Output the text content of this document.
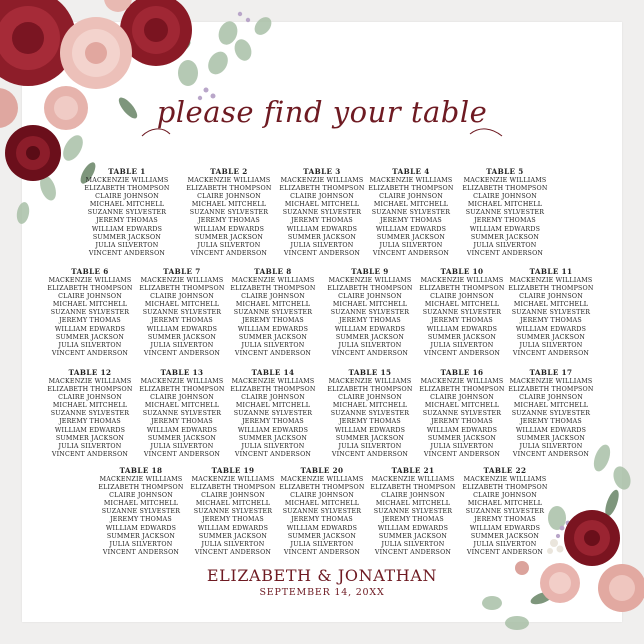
please find your table
TABLE 1
MACKENZIE WILLIAMS
ELIZABETH THOMPSON
CLAIRE JOHNSON
MICHAEL MITCHELL
SUZANNE SYLVESTER
JEREMY THOMAS
WILLIAM EDWARDS
SUMMER JACKSON
JULIA SILVERTON
VINCENT ANDERSON
TABLE 2
MACKENZIE WILLIAMS
ELIZABETH THOMPSON
CLAIRE JOHNSON
MICHAEL MITCHELL
SUZANNE SYLVESTER
JEREMY THOMAS
WILLIAM EDWARDS
SUMMER JACKSON
JULIA SILVERTON
VINCENT ANDERSON
TABLE 3
MACKENZIE WILLIAMS
ELIZABETH THOMPSON
CLAIRE JOHNSON
MICHAEL MITCHELL
SUZANNE SYLVESTER
JEREMY THOMAS
WILLIAM EDWARDS
SUMMER JACKSON
JULIA SILVERTON
VINCENT ANDERSON
TABLE 4
MACKENZIE WILLIAMS
ELIZABETH THOMPSON
CLAIRE JOHNSON
MICHAEL MITCHELL
SUZANNE SYLVESTER
JEREMY THOMAS
WILLIAM EDWARDS
SUMMER JACKSON
JULIA SILVERTON
VINCENT ANDERSON
TABLE 5
MACKENZIE WILLIAMS
ELIZABETH THOMPSON
CLAIRE JOHNSON
MICHAEL MITCHELL
SUZANNE SYLVESTER
JEREMY THOMAS
WILLIAM EDWARDS
SUMMER JACKSON
JULIA SILVERTON
VINCENT ANDERSON
TABLE 6
MACKENZIE WILLIAMS
ELIZABETH THOMPSON
CLAIRE JOHNSON
MICHAEL MITCHELL
SUZANNE SYLVESTER
JEREMY THOMAS
WILLIAM EDWARDS
SUMMER JACKSON
JULIA SILVERTON
VINCENT ANDERSON
TABLE 7
MACKENZIE WILLIAMS
ELIZABETH THOMPSON
CLAIRE JOHNSON
MICHAEL MITCHELL
SUZANNE SYLVESTER
JEREMY THOMAS
WILLIAM EDWARDS
SUMMER JACKSON
JULIA SILVERTON
VINCENT ANDERSON
TABLE 8
MACKENZIE WILLIAMS
ELIZABETH THOMPSON
CLAIRE JOHNSON
MICHAEL MITCHELL
SUZANNE SYLVESTER
JEREMY THOMAS
WILLIAM EDWARDS
SUMMER JACKSON
JULIA SILVERTON
VINCENT ANDERSON
TABLE 9
MACKENZIE WILLIAMS
ELIZABETH THOMPSON
CLAIRE JOHNSON
MICHAEL MITCHELL
SUZANNE SYLVESTER
JEREMY THOMAS
WILLIAM EDWARDS
SUMMER JACKSON
JULIA SILVERTON
VINCENT ANDERSON
TABLE 10
MACKENZIE WILLIAMS
ELIZABETH THOMPSON
CLAIRE JOHNSON
MICHAEL MITCHELL
SUZANNE SYLVESTER
JEREMY THOMAS
WILLIAM EDWARDS
SUMMER JACKSON
JULIA SILVERTON
VINCENT ANDERSON
TABLE 11
MACKENZIE WILLIAMS
ELIZABETH THOMPSON
CLAIRE JOHNSON
MICHAEL MITCHELL
SUZANNE SYLVESTER
JEREMY THOMAS
WILLIAM EDWARDS
SUMMER JACKSON
JULIA SILVERTON
VINCENT ANDERSON
TABLE 12
MACKENZIE WILLIAMS
ELIZABETH THOMPSON
CLAIRE JOHNSON
MICHAEL MITCHELL
SUZANNE SYLVESTER
JEREMY THOMAS
WILLIAM EDWARDS
SUMMER JACKSON
JULIA SILVERTON
VINCENT ANDERSON
TABLE 13
MACKENZIE WILLIAMS
ELIZABETH THOMPSON
CLAIRE JOHNSON
MICHAEL MITCHELL
SUZANNE SYLVESTER
JEREMY THOMAS
WILLIAM EDWARDS
SUMMER JACKSON
JULIA SILVERTON
VINCENT ANDERSON
TABLE 14
MACKENZIE WILLIAMS
ELIZABETH THOMPSON
CLAIRE JOHNSON
MICHAEL MITCHELL
SUZANNE SYLVESTER
JEREMY THOMAS
WILLIAM EDWARDS
SUMMER JACKSON
JULIA SILVERTON
VINCENT ANDERSON
TABLE 15
MACKENZIE WILLIAMS
ELIZABETH THOMPSON
CLAIRE JOHNSON
MICHAEL MITCHELL
SUZANNE SYLVESTER
JEREMY THOMAS
WILLIAM EDWARDS
SUMMER JACKSON
JULIA SILVERTON
VINCENT ANDERSON
TABLE 16
MACKENZIE WILLIAMS
ELIZABETH THOMPSON
CLAIRE JOHNSON
MICHAEL MITCHELL
SUZANNE SYLVESTER
JEREMY THOMAS
WILLIAM EDWARDS
SUMMER JACKSON
JULIA SILVERTON
VINCENT ANDERSON
TABLE 17
MACKENZIE WILLIAMS
ELIZABETH THOMPSON
CLAIRE JOHNSON
MICHAEL MITCHELL
SUZANNE SYLVESTER
JEREMY THOMAS
WILLIAM EDWARDS
SUMMER JACKSON
JULIA SILVERTON
VINCENT ANDERSON
TABLE 18
MACKENZIE WILLIAMS
ELIZABETH THOMPSON
CLAIRE JOHNSON
MICHAEL MITCHELL
SUZANNE SYLVESTER
JEREMY THOMAS
WILLIAM EDWARDS
SUMMER JACKSON
JULIA SILVERTON
VINCENT ANDERSON
TABLE 19
MACKENZIE WILLIAMS
ELIZABETH THOMPSON
CLAIRE JOHNSON
MICHAEL MITCHELL
SUZANNE SYLVESTER
JEREMY THOMAS
WILLIAM EDWARDS
SUMMER JACKSON
JULIA SILVERTON
VINCENT ANDERSON
TABLE 20
MACKENZIE WILLIAMS
ELIZABETH THOMPSON
CLAIRE JOHNSON
MICHAEL MITCHELL
SUZANNE SYLVESTER
JEREMY THOMAS
WILLIAM EDWARDS
SUMMER JACKSON
JULIA SILVERTON
VINCENT ANDERSON
TABLE 21
MACKENZIE WILLIAMS
ELIZABETH THOMPSON
CLAIRE JOHNSON
MICHAEL MITCHELL
SUZANNE SYLVESTER
JEREMY THOMAS
WILLIAM EDWARDS
SUMMER JACKSON
JULIA SILVERTON
VINCENT ANDERSON
TABLE 22
MACKENZIE WILLIAMS
ELIZABETH THOMPSON
CLAIRE JOHNSON
MICHAEL MITCHELL
SUZANNE SYLVESTER
JEREMY THOMAS
WILLIAM EDWARDS
SUMMER JACKSON
JULIA SILVERTON
VINCENT ANDERSON
ELIZABETH & JONATHAN
SEPTEMBER 14, 20XX
